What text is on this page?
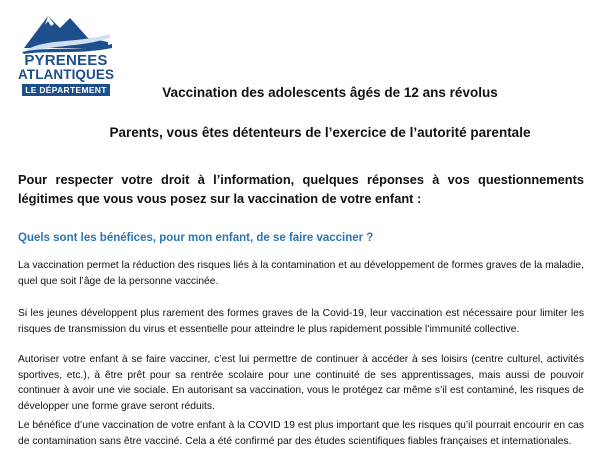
PYRENEES
ATLANTIQUES
LE DÉPARTEMENT	Vaccination des adolescents âgés de 12 ans révolus
Parents, vous êtes détenteurs de l’exercice de l’autorité parentale
Pour respecter votre droit à l’information, quelques réponses à vos questionnements légitimes que vous vous posez sur la vaccination de votre enfant :
Quels sont les bénéfices, pour mon enfant, de se faire vacciner ?
La vaccination permet la réduction des risques liés à la contamination et au développement de formes graves de la maladie, quel que soit l’âge de la personne vaccinée.
Si les jeunes développent plus rarement des formes graves de la Covid-19, leur vaccination est nécessaire pour limiter les risques de transmission du virus et essentielle pour atteindre le plus rapidement possible l’immunité collective.
Autoriser votre enfant à se faire vacciner, c’est lui permettre de continuer à accéder à ses loisirs (centre culturel, activités sportives, etc.), à être prêt pour sa rentrée scolaire pour une continuité de ses apprentissages, mais aussi de pouvoir continuer à avoir une vie sociale. En autorisant sa vaccination, vous le protégez car même s’il est contaminé, les risques de développer une forme grave seront réduits.
Le bénéfice d’une vaccination de votre enfant à la COVID 19 est plus important que les risques qu’il pourrait encourir en cas de contamination sans être vacciné. Cela a été confirmé par des études scientifiques fiables françaises et internationales.
